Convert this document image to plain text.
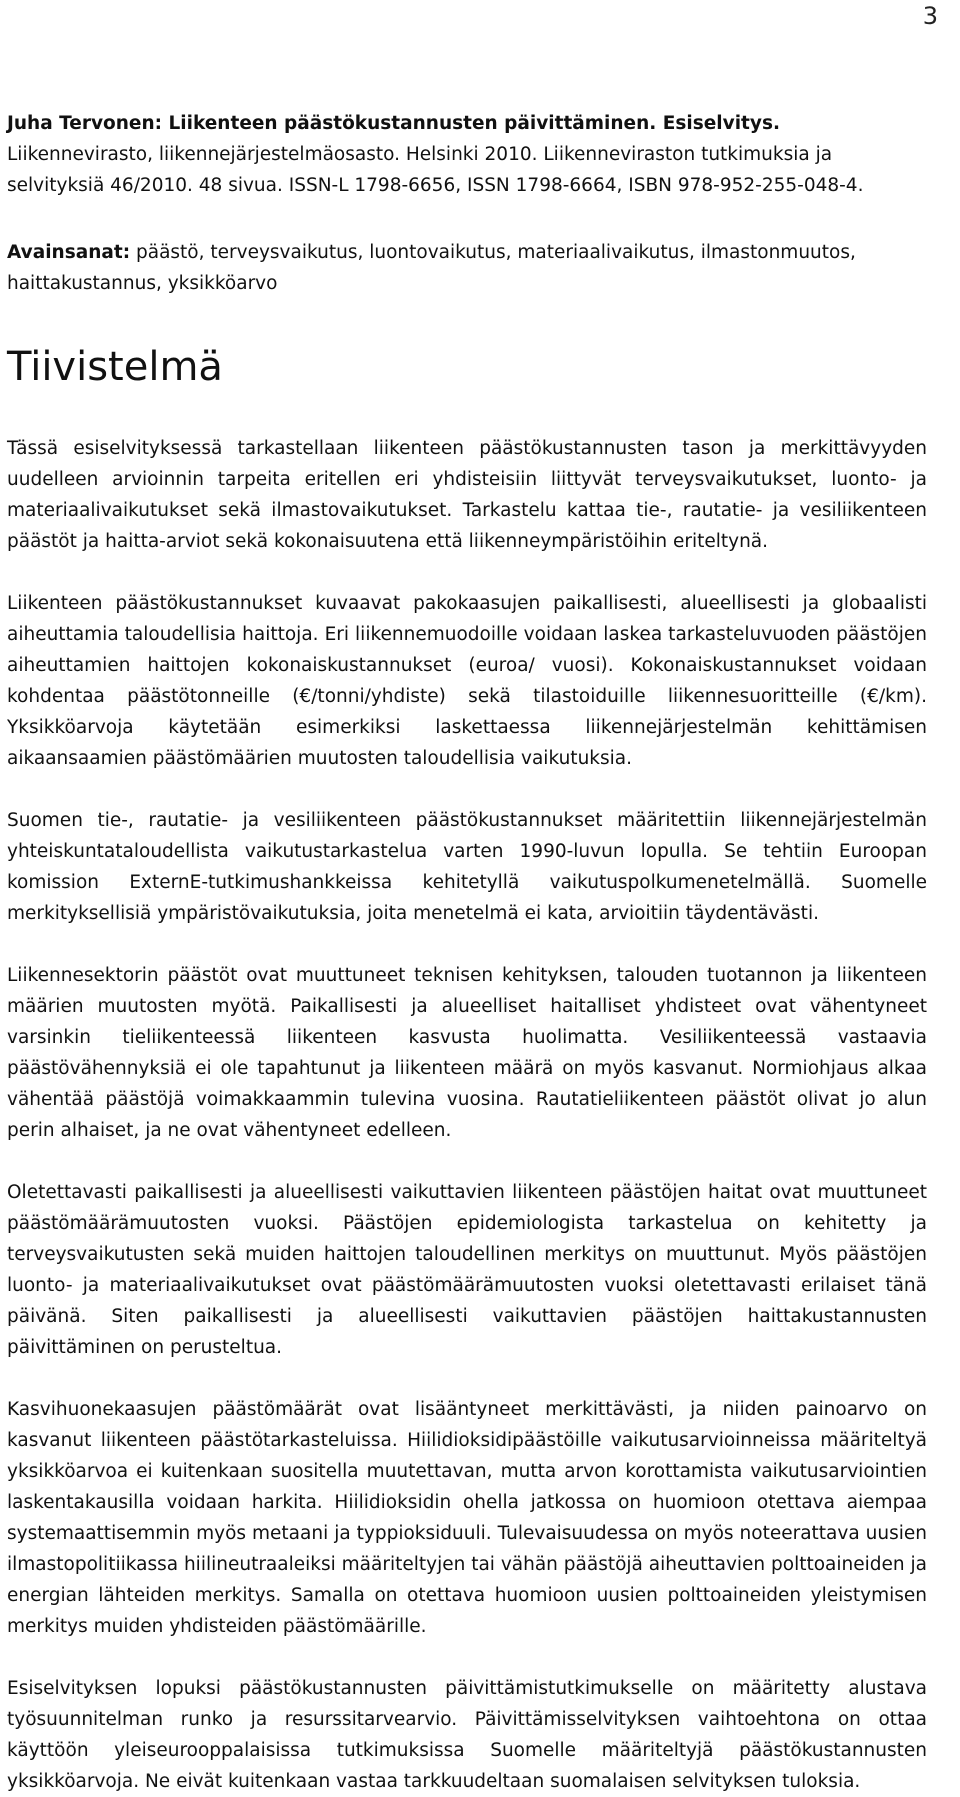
3

Juha Tervonen: Liikenteen päästökustannusten päivittäminen. Esiselvitys. Liikennevirasto, liikennejärjestelmäosasto. Helsinki 2010. Liikenneviraston tutkimuksia ja selvityksiä 46/2010. 48 sivua. ISSN-L 1798-6656, ISSN 1798-6664, ISBN 978-952-255-048-4.

Avainsanat: päästö, terveysvaikutus, luontovaikutus, materiaalivaikutus, ilmastonmuutos, haittakustannus, yksikköarvo

Tiivistelmä

Tässä esiselvityksessä tarkastellaan liikenteen päästökustannusten tason ja merkittävyyden uudelleen arvioinnin tarpeita eritellen eri yhdisteisiin liittyvät terveysvaikutukset, luonto- ja materiaalivaikutukset sekä ilmastovaikutukset. Tarkastelu kattaa tie-, rautatie- ja vesiliikenteen päästöt ja haitta-arviot sekä kokonaisuutena että liikenneympäristöihin eriteltynä.

Liikenteen päästökustannukset kuvaavat pakokaasujen paikallisesti, alueellisesti ja globaalisti aiheuttamia taloudellisia haittoja. Eri liikennemuodoille voidaan laskea tarkasteluvuoden päästöjen aiheuttamien haittojen kokonaiskustannukset (euroa/ vuosi). Kokonaiskustannukset voidaan kohdentaa päästötonneille (€/tonni/yhdiste) sekä tilastoiduille liikennesuoritteille (€/km). Yksikköarvoja käytetään esimerkiksi laskettaessa liikennejärjestelmän kehittämisen aikaansaamien päästömäärien muutosten taloudellisia vaikutuksia.

Suomen tie-, rautatie- ja vesiliikenteen päästökustannukset määritettiin liikennejärjestelmän yhteiskuntataloudellista vaikutustarkastelua varten 1990-luvun lopulla. Se tehtiin Euroopan komission ExternE-tutkimushankkeissa kehitetyllä vaikutuspolkumenetelmällä. Suomelle merkityksellisiä ympäristövaikutuksia, joita menetelmä ei kata, arvioitiin täydentävästi.

Liikennesektorin päästöt ovat muuttuneet teknisen kehityksen, talouden tuotannon ja liikenteen määrien muutosten myötä. Paikallisesti ja alueelliset haitalliset yhdisteet ovat vähentyneet varsinkin tieliikenteessä liikenteen kasvusta huolimatta. Vesiliikenteessä vastaavia päästövähennyksiä ei ole tapahtunut ja liikenteen määrä on myös kasvanut. Normiohjaus alkaa vähentää päästöjä voimakkaammin tulevina vuosina. Rautatieliikenteen päästöt olivat jo alun perin alhaiset, ja ne ovat vähentyneet edelleen.

Oletettavasti paikallisesti ja alueellisesti vaikuttavien liikenteen päästöjen haitat ovat muuttuneet päästömäärämuutosten vuoksi. Päästöjen epidemiologista tarkastelua on kehitetty ja terveysvaikutusten sekä muiden haittojen taloudellinen merkitys on muuttunut. Myös päästöjen luonto- ja materiaalivaikutukset ovat päästömäärämuutosten vuoksi oletettavasti erilaiset tänä päivänä. Siten paikallisesti ja alueellisesti vaikuttavien päästöjen haittakustannusten päivittäminen on perusteltua.

Kasvihuonekaasujen päästömäärät ovat lisääntyneet merkittävästi, ja niiden painoarvo on kasvanut liikenteen päästötarkasteluissa. Hiilidioksidipäästöille vaikutusarvioinneissa määriteltyä yksikköarvoa ei kuitenkaan suositella muutettavan, mutta arvon korottamista vaikutusarviointien laskentakausilla voidaan harkita. Hiilidioksidin ohella jatkossa on huomioon otettava aiempaa systemaattisemmin myös metaani ja typpioksiduuli. Tulevaisuudessa on myös noteerattava uusien ilmastopolitiikassa hiilineutraaleiksi määriteltyjen tai vähän päästöjä aiheuttavien polttoaineiden ja energian lähteiden merkitys. Samalla on otettava huomioon uusien polttoaineiden yleistymisen merkitys muiden yhdisteiden päästömäärille.

Esiselvityksen lopuksi päästökustannusten päivittämistutkimukselle on määritetty alustava työsuunnitelman runko ja resurssitarvearvio. Päivittämisselvityksen vaihtoehtona on ottaa käyttöön yleiseurooppalaisissa tutkimuksissa Suomelle määriteltyjä päästökustannusten yksikköarvoja. Ne eivät kuitenkaan vastaa tarkkuudeltaan suomalaisen selvityksen tuloksia.
